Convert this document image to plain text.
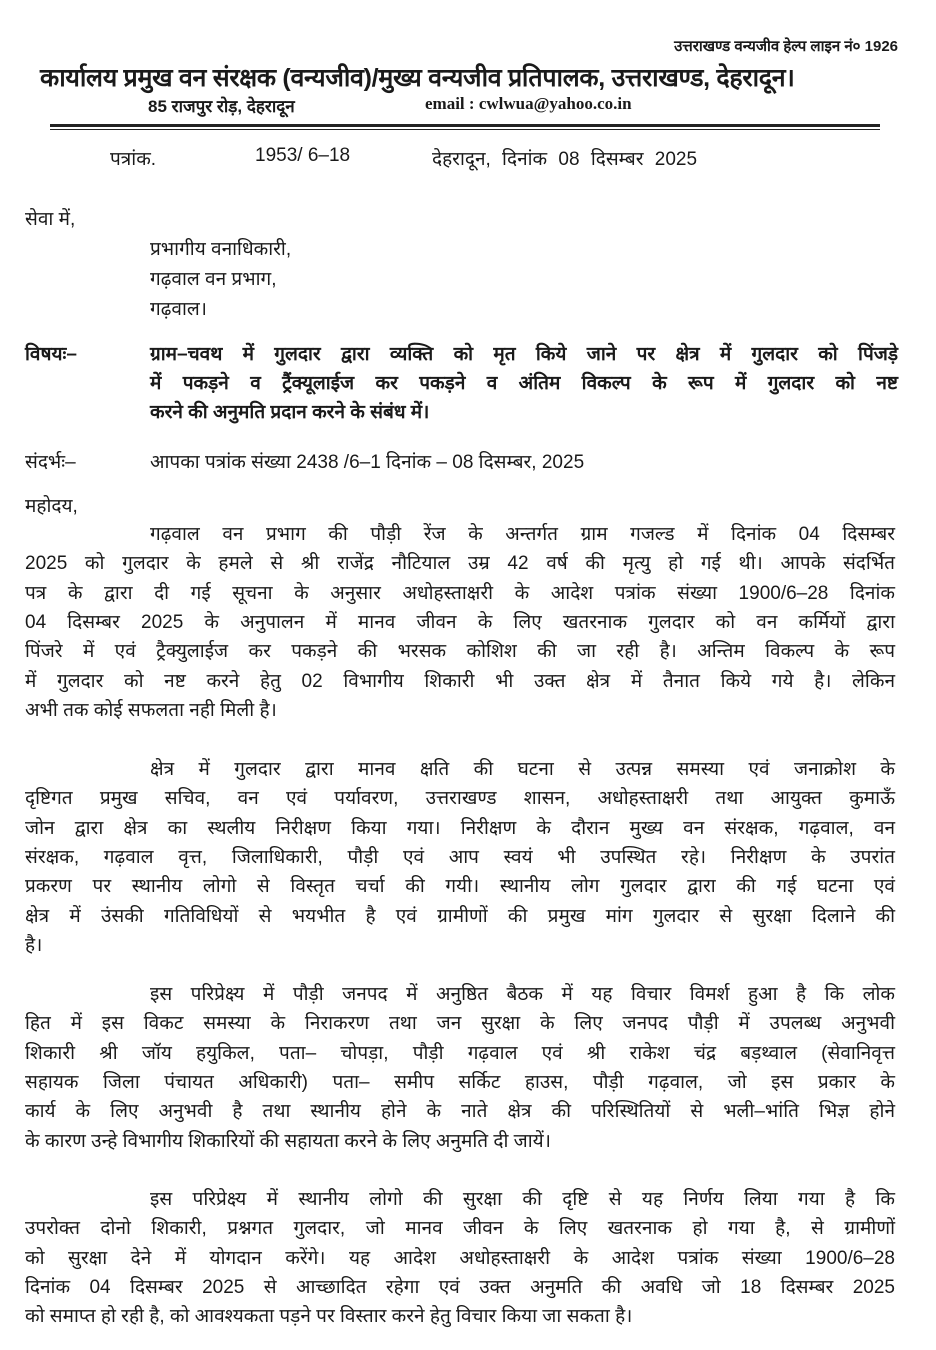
उत्तराखण्ड वन्यजीव हेल्प लाइन नं० 1926
कार्यालय प्रमुख वन संरक्षक (वन्यजीव)/मुख्य वन्यजीव प्रतिपालक, उत्तराखण्ड, देहरादून।
85 राजपुर रोड़, देहरादून	email : cwlwua@yahoo.co.in
पत्रांक.	1953/ 6–18	देहरादून, दिनांक 08 दिसम्बर 2025
सेवा में,
प्रभागीय वनाधिकारी,
गढ़वाल वन प्रभाग,
गढ़वाल।
विषयः–	ग्राम–चवथ में गुलदार द्वारा व्यक्ति को मृत किये जाने पर क्षेत्र में गुलदार को पिंजड़े
में पकड़ने व ट्रैंक्यूलाईज कर पकड़ने व अंतिम विकल्प के रूप में गुलदार को नष्ट
करने की अनुमति प्रदान करने के संबंध में।
संदर्भः–	आपका पत्रांक संख्या 2438 /6–1 दिनांक – 08 दिसम्बर, 2025
महोदय,
गढ़वाल वन प्रभाग की पौड़ी रेंज के अन्तर्गत ग्राम गजल्ड में दिनांक 04 दिसम्बर
2025 को गुलदार के हमले से श्री राजेंद्र नौटियाल उम्र 42 वर्ष की मृत्यु हो गई थी। आपके संदर्भित
पत्र के द्वारा दी गई सूचना के अनुसार अधोहस्ताक्षरी के आदेश पत्रांक संख्या 1900/6–28 दिनांक
04 दिसम्बर 2025 के अनुपालन में मानव जीवन के लिए खतरनाक गुलदार को वन कर्मियों द्वारा
पिंजरे में एवं ट्रैक्युलाईज कर पकड़ने की भरसक कोशिश की जा रही है। अन्तिम विकल्प के रूप
में गुलदार को नष्ट करने हेतु 02 विभागीय शिकारी भी उक्त क्षेत्र में तैनात किये गये है। लेकिन
अभी तक कोई सफलता नही मिली है।
क्षेत्र में गुलदार द्वारा मानव क्षति की घटना से उत्पन्न समस्या एवं जनाक्रोश के
दृष्टिगत प्रमुख सचिव, वन एवं पर्यावरण, उत्तराखण्ड शासन, अधोहस्ताक्षरी तथा आयुक्त कुमाऊँ
जोन द्वारा क्षेत्र का स्थलीय निरीक्षण किया गया। निरीक्षण के दौरान मुख्य वन संरक्षक, गढ़वाल, वन
संरक्षक, गढ़वाल वृत्त, जिलाधिकारी, पौड़ी एवं आप स्वयं भी उपस्थित रहे। निरीक्षण के उपरांत
प्रकरण पर स्थानीय लोगो से विस्तृत चर्चा की गयी। स्थानीय लोग गुलदार द्वारा की गई घटना एवं
क्षेत्र में उंसकी गतिविधियों से भयभीत है एवं ग्रामीणों की प्रमुख मांग गुलदार से सुरक्षा दिलाने की
है।
इस परिप्रेक्ष्य में पौड़ी जनपद में अनुष्ठित बैठक में यह विचार विमर्श हुआ है कि लोक
हित में इस विकट समस्या के निराकरण तथा जन सुरक्षा के लिए जनपद पौड़ी में उपलब्ध अनुभवी
शिकारी श्री जॉय हयुकिल, पता– चोपड़ा, पौड़ी गढ़वाल एवं श्री राकेश चंद्र बड़थ्वाल (सेवानिवृत्त
सहायक जिला पंचायत अधिकारी) पता– समीप सर्किट हाउस, पौड़ी गढ़वाल, जो इस प्रकार के
कार्य के लिए अनुभवी है तथा स्थानीय होने के नाते क्षेत्र की परिस्थितियों से भली–भांति भिज्ञ होने
के कारण उन्हे विभागीय शिकारियों की सहायता करने के लिए अनुमति दी जायें।
इस परिप्रेक्ष्य में स्थानीय लोगो की सुरक्षा की दृष्टि से यह निर्णय लिया गया है कि
उपरोक्त दोनो शिकारी, प्रश्नगत गुलदार, जो मानव जीवन के लिए खतरनाक हो गया है, से ग्रामीणों
को सुरक्षा देने में योगदान करेंगे। यह आदेश अधोहस्ताक्षरी के आदेश पत्रांक संख्या 1900/6–28
दिनांक 04 दिसम्बर 2025 से आच्छादित रहेगा एवं उक्त अनुमति की अवधि जो 18 दिसम्बर 2025
को समाप्त हो रही है, को आवश्यकता पड़ने पर विस्तार करने हेतु विचार किया जा सकता है।
